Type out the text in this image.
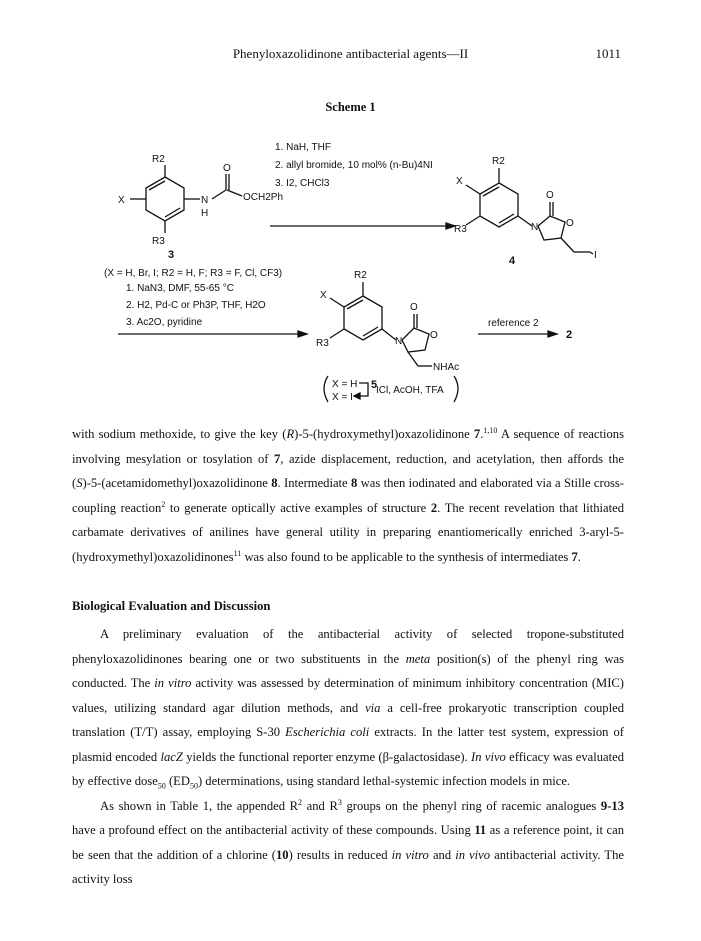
Phenyloxazolidinone antibacterial agents—II	1011
Scheme 1
1. NaH, THF
2. allyl bromide, 10 mol% (n-Bu)4NI
3. I2, CHCl3
R2
X
R3
N
H
O
OCH2Ph
3
(X = H, Br, I; R2 = H, F; R3 = F, Cl, CF3)
R2
X
R3	N
O
O
I
4
1. NaN3, DMF, 55-65 °C
2. H2, Pd-C or Ph3P, THF, H2O
3. Ac2O, pyridine
R2
X
R3	N
O
O
NHAc
5
reference 2
2
X = H
X = I
ICl, AcOH, TFA

with sodium methoxide, to give the key (R)-5-(hydroxymethyl)oxazolidinone 7.$^{1,10}$ A sequence of reactions involving mesylation or tosylation of 7, azide displacement, reduction, and acetylation, then affords the (S)-5-(acetamidomethyl)oxazolidinone 8. Intermediate 8 was then iodinated and elaborated via a Stille cross-coupling reaction$^2$ to generate optically active examples of structure 2. The recent revelation that lithiated carbamate derivatives of anilines have general utility in preparing enantiomerically enriched 3-aryl-5-(hydroxymethyl)oxazolidinones$^{11}$ was also found to be applicable to the synthesis of intermediates 7.

Biological Evaluation and Discussion

A preliminary evaluation of the antibacterial activity of selected tropone-substituted phenyloxazolidinones bearing one or two substituents in the meta position(s) of the phenyl ring was conducted. The in vitro activity was assessed by determination of minimum inhibitory concentration (MIC) values, utilizing standard agar dilution methods, and via a cell-free prokaryotic transcription coupled translation (T/T) assay, employing S-30 Escherichia coli extracts. In the latter test system, expression of plasmid encoded lacZ yields the functional reporter enzyme (β-galactosidase). In vivo efficacy was evaluated by effective dose$_{50}$ $(ED_{50})$ determinations, using standard lethal-systemic infection models in mice.

As shown in Table 1, the appended $R^2$ and $R^3$ groups on the phenyl ring of racemic analogues 9-13 have a profound effect on the antibacterial activity of these compounds. Using 11 as a reference point, it can be seen that the addition of a chlorine (10) results in reduced in vitro and in vivo antibacterial activity. The activity loss
